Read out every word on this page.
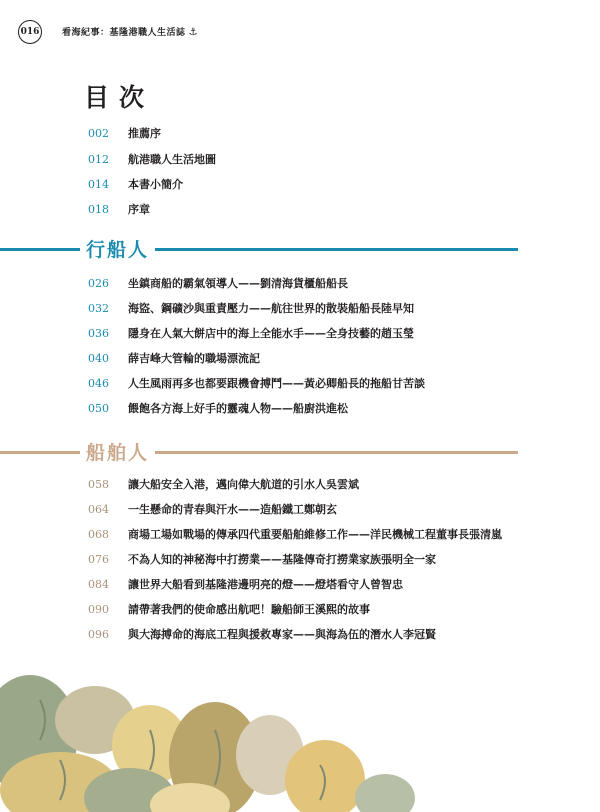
016	看海紀事：基隆港職人生活誌 ⚓
目次
002 推薦序
012 航港職人生活地圖
014 本書小簡介
018 序章
行船人
026 坐鎮商船的霸氣領導人——劉清海貨櫃船船長
032 海盜、鋼礦沙與重責壓力——航往世界的散裝船船長陸早知
036 隱身在人氣大餅店中的海上全能水手——全身技藝的趙玉瑩
040 薛吉峰大管輪的職場漂流記
046 人生風雨再多也都要跟機會搏鬥——黃必卿船長的拖船甘苦談
050 餵飽各方海上好手的靈魂人物——船廚洪進松
船舶人
058 讓大船安全入港，邁向偉大航道的引水人吳雲斌
064 一生懸命的青春與汗水——造船鐵工鄭朝玄
068 商場工場如戰場的傳承四代重要船舶維修工作——洋民機械工程董事長張清嵐
076 不為人知的神秘海中打撈業——基隆傳奇打撈業家族張明全一家
084 讓世界大船看到基隆港邊明亮的燈——燈塔看守人曾智忠
090 請帶著我們的使命感出航吧！驗船師王溪熙的故事
096 與大海搏命的海底工程與援救專家——與海為伍的潛水人李冠賢
